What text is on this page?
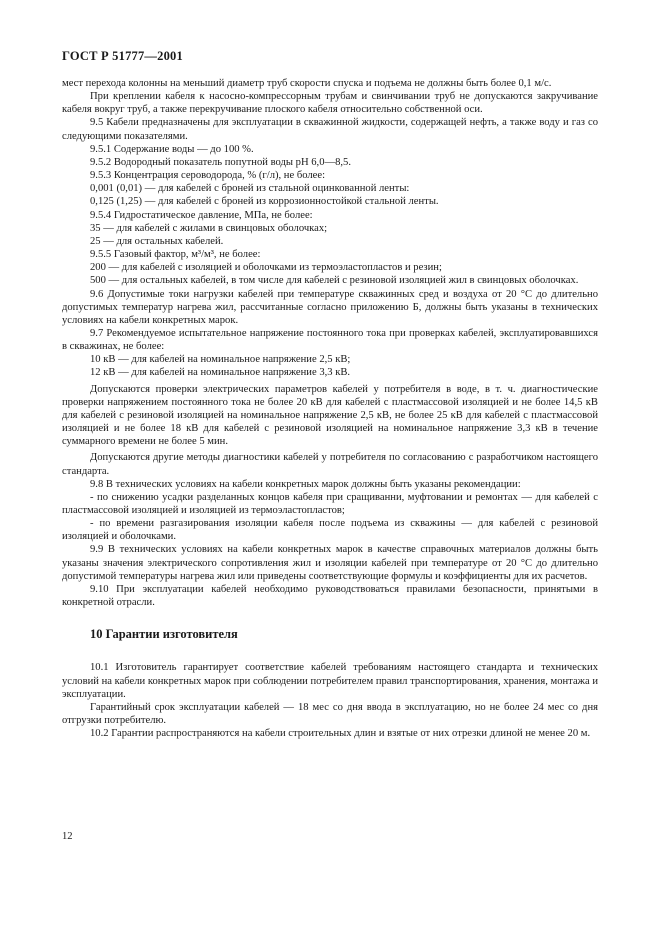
ГОСТ Р 51777—2001

мест перехода колонны на меньший диаметр труб скорости спуска и подъема не должны быть более 0,1 м/с.

При креплении кабеля к насосно-компрессорным трубам и свинчивании труб не допускаются закручивание кабеля вокруг труб, а также перекручивание плоского кабеля относительно собственной оси.

9.5 Кабели предназначены для эксплуатации в скважинной жидкости, содержащей нефть, а также воду и газ со следующими показателями.

9.5.1 Содержание воды — до 100 %.

9.5.2 Водородный показатель попутной воды pH 6,0—8,5.

9.5.3 Концентрация сероводорода, % (г/л), не более:

0,001 (0,01) — для кабелей с броней из стальной оцинкованной ленты:

0,125 (1,25) — для кабелей с броней из коррозионностойкой стальной ленты.

9.5.4 Гидростатическое давление, МПа, не более:

35 — для кабелей с жилами в свинцовых оболочках;

25 — для остальных кабелей.

9.5.5 Газовый фактор, м³/м³, не более:

200 — для кабелей с изоляцией и оболочками из термоэластопластов и резин;

500 — для остальных кабелей, в том числе для кабелей с резиновой изоляцией жил в свинцовых оболочках.

9.6 Допустимые токи нагрузки кабелей при температуре скважинных сред и воздуха от 20 °С до длительно допустимых температур нагрева жил, рассчитанные согласно приложению Б, должны быть указаны в технических условиях на кабели конкретных марок.

9.7 Рекомендуемое испытательное напряжение постоянного тока при проверках кабелей, эксплуатировавшихся в скважинах, не более:

10 кВ — для кабелей на номинальное напряжение 2,5 кВ;

12 кВ — для кабелей на номинальное напряжение 3,3 кВ.

Допускаются проверки электрических параметров кабелей у потребителя в воде, в т. ч. диагностические проверки напряжением постоянного тока не более 20 кВ для кабелей с пластмассовой изоляцией и не более 14,5 кВ для кабелей с резиновой изоляцией на номинальное напряжение 2,5 кВ, не более 25 кВ для кабелей с пластмассовой изоляцией и не более 18 кВ для кабелей с резиновой изоляцией на номинальное напряжение 3,3 кВ в течение суммарного времени не более 5 мин.

Допускаются другие методы диагностики кабелей у потребителя по согласованию с разработчиком настоящего стандарта.

9.8 В технических условиях на кабели конкретных марок должны быть указаны рекомендации:

- по снижению усадки разделанных концов кабеля при сращиванни, муфтовании и ремонтах — для кабелей с пластмассовой изоляцией и изоляцией из термоэластопластов;

- по времени разгазирования изоляции кабеля после подъема из скважины — для кабелей с резиновой изоляцией и оболочками.

9.9 В технических условиях на кабели конкретных марок в качестве справочных материалов должны быть указаны значения электрического сопротивления жил и изоляции кабелей при температуре от 20 °С до длительно допустимой температуры нагрева жил или приведены соответствующие формулы и коэффициенты для их расчетов.

9.10 При эксплуатации кабелей необходимо руководствоваться правилами безопасности, принятыми в конкретной отрасли.

10 Гарантии изготовителя

10.1 Изготовитель гарантирует соответствие кабелей требованиям настоящего стандарта и технических условий на кабели конкретных марок при соблюдении потребителем правил транспортирования, хранения, монтажа и эксплуатации.

Гарантийный срок эксплуатации кабелей — 18 мес со дня ввода в эксплуатацию, но не более 24 мес со дня отгрузки потребителю.

10.2 Гарантии распространяются на кабели строительных длин и взятые от них отрезки длиной не менее 20 м.

12
